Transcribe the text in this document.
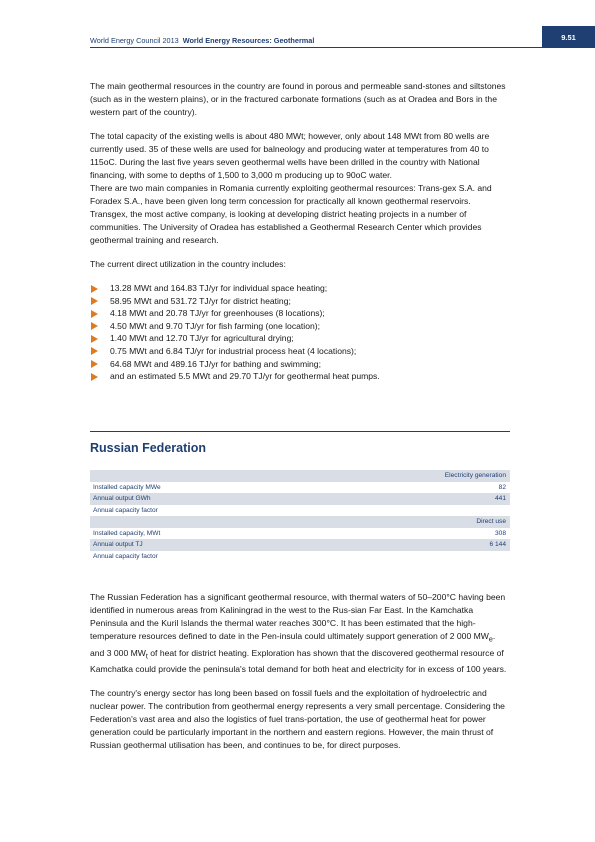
World Energy Council 2013 World Energy Resources: Geothermal	9.51

The main geothermal resources in the country are found in porous and permeable sand-stones and siltstones (such as in the western plains), or in the fractured carbonate formations (such as at Oradea and Bors in the western part of the country).

The total capacity of the existing wells is about 480 MWt; however, only about 148 MWt from 80 wells are currently used. 35 of these wells are used for balneology and producing water at temperatures from 40 to 115oC. During the last five years seven geothermal wells have been drilled in the country with National financing, with some to depths of 1,500 to 3,000 m producing up to 90oC water.

There are two main companies in Romania currently exploiting geothermal resources: Trans-gex S.A. and Foradex S.A., have been given long term concession for practically all known geothermal reservoirs. Transgex, the most active company, is looking at developing district heating projects in a number of communities. The University of Oradea has established a Geothermal Research Center which provides geothermal training and research.

The current direct utilization in the country includes:

13.28 MWt and 164.83 TJ/yr for individual space heating;
58.95 MWt and 531.72 TJ/yr for district heating;
4.18 MWt and 20.78 TJ/yr for greenhouses (8 locations);
4.50 MWt and 9.70 TJ/yr for fish farming (one location);
1.40 MWt and 12.70 TJ/yr for agricultural drying;
0.75 MWt and 6.84 TJ/yr for industrial process heat (4 locations);
64.68 MWt and 489.16 TJ/yr for bathing and swimming;
and an estimated 5.5 MWt and 29.70 TJ/yr for geothermal heat pumps.
Russian Federation
Electricity generation
Installed capacity MWe	82
Annual output GWh	441
Annual capacity factor
Direct use
Installed capacity, MWt	308
Annual output TJ	6 144
Annual capacity factor

The Russian Federation has a significant geothermal resource, with thermal waters of 50–200°C having been identified in numerous areas from Kaliningrad in the west to the Rus-sian Far East. In the Kamchatka Peninsula and the Kuril Islands the thermal water reaches 300°C. It has been estimated that the high-temperature resources defined to date in the Pen-insula could ultimately support generation of 2 000 $MW_e$. and 3 000 $MW_t$ of heat for district heating. Exploration has shown that the discovered geothermal resource of Kamchatka could provide the peninsula's total demand for both heat and electricity for in excess of 100 years.

The country's energy sector has long been based on fossil fuels and the exploitation of hydroelectric and nuclear power. The contribution from geothermal energy represents a very small percentage. Considering the Federation's vast area and also the logistics of fuel trans-portation, the use of geothermal heat for power generation could be particularly important in the northern and eastern regions. However, the main thrust of Russian geothermal utilisation has been, and continues to be, for direct purposes.
